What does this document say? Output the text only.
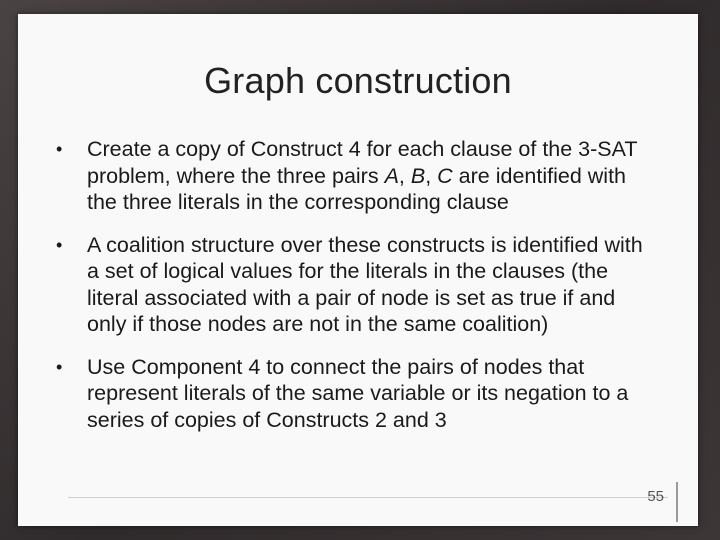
Graph construction
• Create a copy of Construct 4 for each clause of the 3-SAT problem, where the three pairs A, B, C are identified with the three literals in the corresponding clause
• A coalition structure over these constructs is identified with a set of logical values for the literals in the clauses (the literal associated with a pair of node is set as true if and only if those nodes are not in the same coalition)
• Use Component 4 to connect the pairs of nodes that represent literals of the same variable or its negation to a series of copies of Constructs 2 and 3
55
